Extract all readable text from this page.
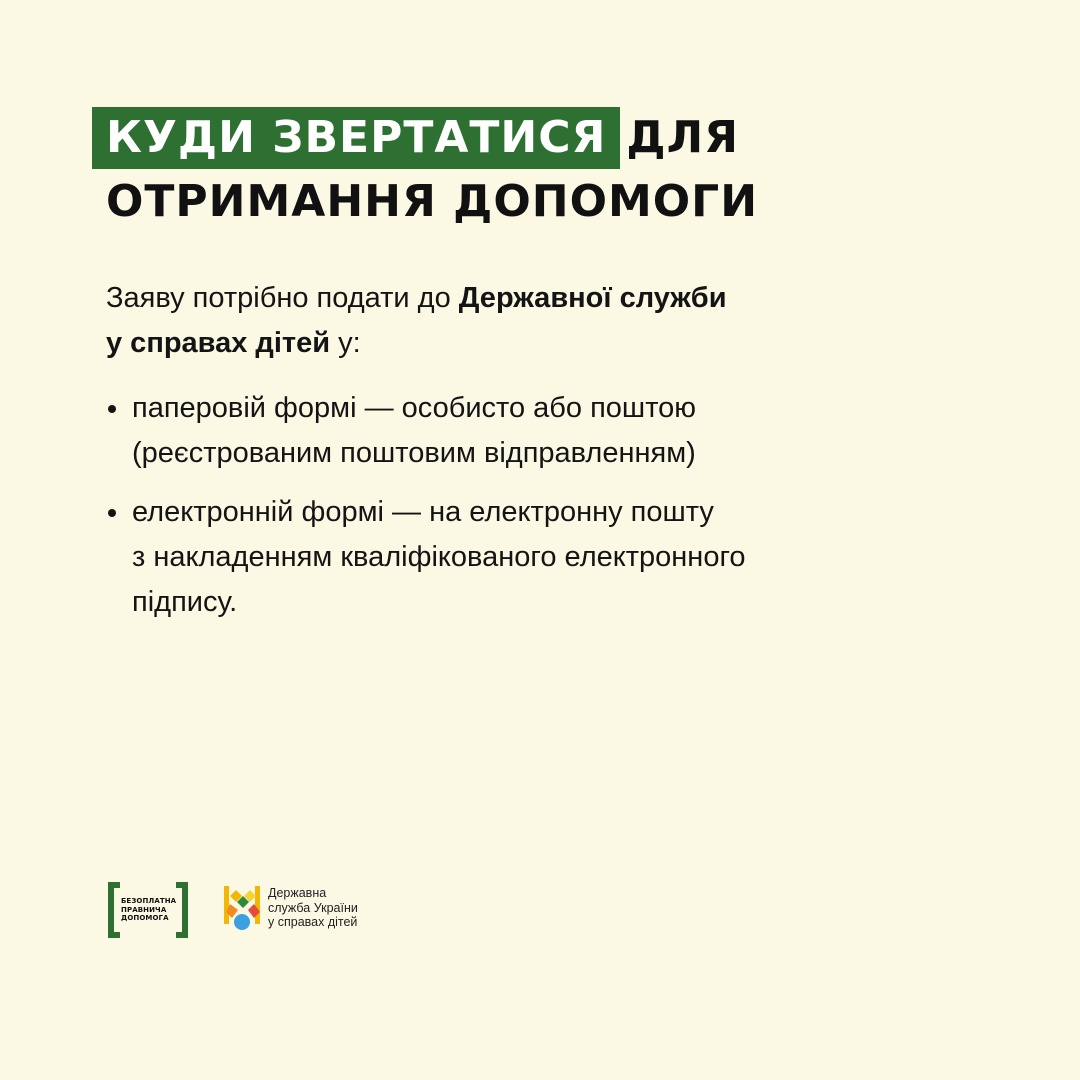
КУДИ ЗВЕРТАТИСЯ ДЛЯ
ОТРИМАННЯ ДОПОМОГИ
Заяву потрібно подати до Державної служби
у справах дітей у:
паперовій формі — особисто або поштою
(реєстрованим поштовим відправленням)
електронній формі — на електронну пошту
з накладенням кваліфікованого електронного
підпису.
БЕЗОПЛАТНА
ПРАВНИЧА
ДОПОМОГА
Державна
служба України
у справах дітей
